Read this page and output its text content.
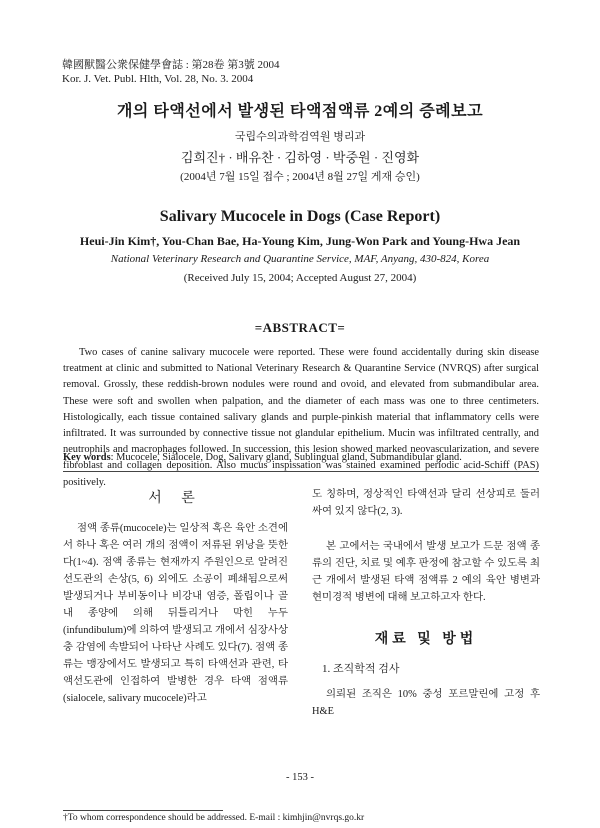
韓國獸醫公衆保健學會誌 : 第28卷 第3號 2004
Kor. J. Vet. Publ. Hlth, Vol. 28, No. 3. 2004
개의 타액선에서 발생된 타액점액류 2예의 증례보고
국립수의과학검역원 병리과
김희진† · 배유찬 · 김하영 · 박중원 · 진영화
(2004년 7월 15일 접수 ; 2004년 8월 27일 게재 승인)
Salivary Mucocele in Dogs (Case Report)
Heui-Jin Kim†, You-Chan Bae, Ha-Young Kim, Jung-Won Park and Young-Hwa Jean
National Veterinary Research and Quarantine Service, MAF, Anyang, 430-824, Korea
(Received July 15, 2004; Accepted August 27, 2004)
=ABSTRACT=

Two cases of canine salivary mucocele were reported. These were found accidentally during skin disease treatment at clinic and submitted to National Veterinary Research & Quarantine Service (NVRQS) after surgical removal. Grossly, these reddish-brown nodules were round and ovoid, and elevated from submandibular area. These were soft and swollen when palpation, and the diameter of each mass was one to three centimeters. Histologically, each tissue contained salivary glands and purple-pinkish material that inflammatory cells were infiltrated. It was surrounded by connective tissue not glandular epithelium. Mucin was infiltrated centrally, and neutrophils and macrophages followed. In succession, this lesion showed marked neovascularization, and severe fibroblast and collagen deposition. Also mucus inspissation was stained examined periodic acid-Schiff (PAS) positively.

Key words: Mucocele, Sialocele, Dog, Salivary gland, Sublingual gland, Submandibular gland.
서 론

점액 종류(mucocele)는 일상적 혹은 육안 소견에서 하나 혹은 여러 개의 점액이 저류된 위낭을 뜻한다(1~4). 점액 종류는 현재까지 주원인으로 알려진 선도관의 손상(5, 6) 외에도 소공이 폐쇄됨으로써 발생되거나 부비동이나 비강내 염증, 폴립이나 골내 종양에 의해 뒤틀리거나 막힌 누두(infundibulum)에 의하여 발생되고 개에서 심장사상충 감염에 속발되어 나타난 사례도 있다(7). 점액 종류는 맹장에서도 발생되고 특히 타액선과 관련, 타액선도관에 인접하여 발병한 경우 타액 점액류(sialocele, salivary mucocele)라고

도 칭하며, 정상적인 타액선과 달리 선상피로 둘러싸여 있지 않다(2, 3).

본 고에서는 국내에서 발생 보고가 드문 점액 종류의 진단, 치료 및 예후 판정에 참고할 수 있도록 최근 개에서 발생된 타액 점액류 2 예의 육안 병변과 현미경적 병변에 대해 보고하고자 한다.

재료 및 방법
1. 조직학적 검사

의뢰된 조직은 10% 중성 포르말린에 고정 후 H&E

†To whom correspondence should be addressed. E-mail : kimhjin@nvrqs.go.kr
- 153 -
